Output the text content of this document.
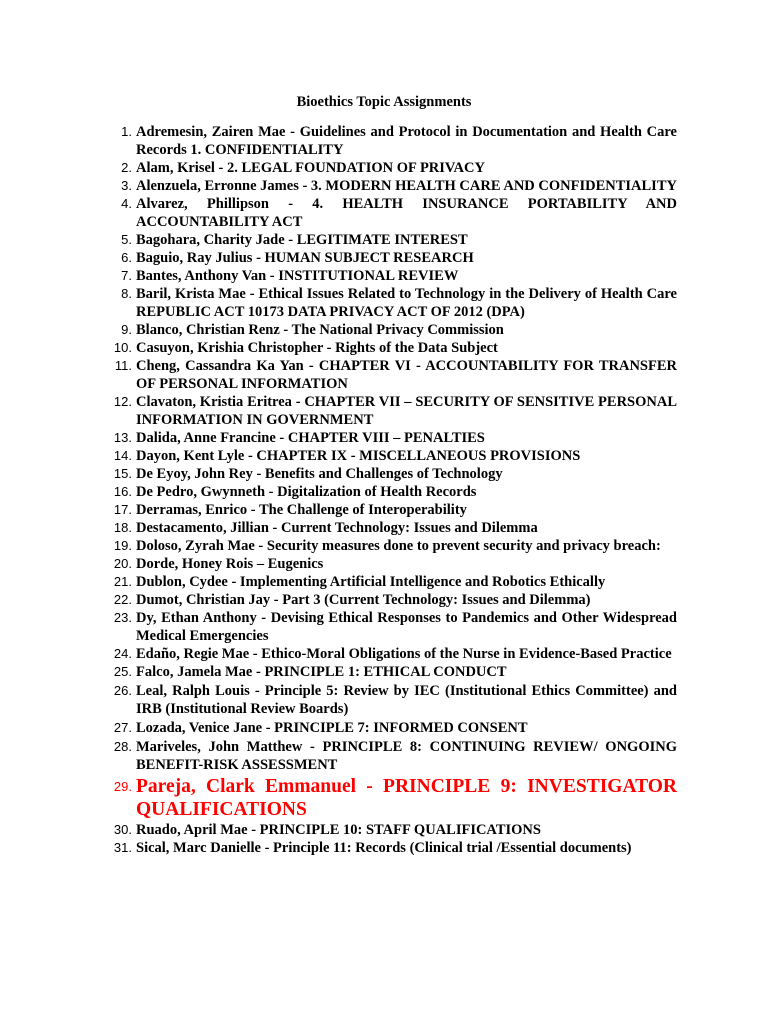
Bioethics Topic Assignments
1. Adremesin, Zairen Mae - Guidelines and Protocol in Documentation and Health Care Records 1. CONFIDENTIALITY
2. Alam, Krisel - 2. LEGAL FOUNDATION OF PRIVACY
3. Alenzuela, Erronne James - 3. MODERN HEALTH CARE AND CONFIDENTIALITY
4. Alvarez, Phillipson - 4. HEALTH INSURANCE PORTABILITY AND ACCOUNTABILITY ACT
5. Bagohara, Charity Jade - LEGITIMATE INTEREST
6. Baguio, Ray Julius - HUMAN SUBJECT RESEARCH
7. Bantes, Anthony Van - INSTITUTIONAL REVIEW
8. Baril, Krista Mae - Ethical Issues Related to Technology in the Delivery of Health Care REPUBLIC ACT 10173 DATA PRIVACY ACT OF 2012 (DPA)
9. Blanco, Christian Renz - The National Privacy Commission
10. Casuyon, Krishia Christopher - Rights of the Data Subject
11. Cheng, Cassandra Ka Yan - CHAPTER VI - ACCOUNTABILITY FOR TRANSFER OF PERSONAL INFORMATION
12. Clavaton, Kristia Eritrea - CHAPTER VII – SECURITY OF SENSITIVE PERSONAL INFORMATION IN GOVERNMENT
13. Dalida, Anne Francine - CHAPTER VIII – PENALTIES
14. Dayon, Kent Lyle - CHAPTER IX - MISCELLANEOUS PROVISIONS
15. De Eyoy, John Rey - Benefits and Challenges of Technology
16. De Pedro, Gwynneth - Digitalization of Health Records
17. Derramas, Enrico - The Challenge of Interoperability
18. Destacamento, Jillian - Current Technology: Issues and Dilemma
19. Doloso, Zyrah Mae - Security measures done to prevent security and privacy breach:
20. Dorde, Honey Rois – Eugenics
21. Dublon, Cydee - Implementing Artificial Intelligence and Robotics Ethically
22. Dumot, Christian Jay - Part 3 (Current Technology: Issues and Dilemma)
23. Dy, Ethan Anthony - Devising Ethical Responses to Pandemics and Other Widespread Medical Emergencies
24. Edaño, Regie Mae - Ethico-Moral Obligations of the Nurse in Evidence-Based Practice
25. Falco, Jamela Mae - PRINCIPLE 1: ETHICAL CONDUCT
26. Leal, Ralph Louis - Principle 5: Review by IEC (Institutional Ethics Committee) and IRB (Institutional Review Boards)
27. Lozada, Venice Jane - PRINCIPLE 7: INFORMED CONSENT
28. Mariveles, John Matthew - PRINCIPLE 8: CONTINUING REVIEW/ ONGOING BENEFIT-RISK ASSESSMENT
29. Pareja, Clark Emmanuel - PRINCIPLE 9: INVESTIGATOR QUALIFICATIONS
30. Ruado, April Mae - PRINCIPLE 10: STAFF QUALIFICATIONS
31. Sical, Marc Danielle - Principle 11: Records (Clinical trial /Essential documents)
